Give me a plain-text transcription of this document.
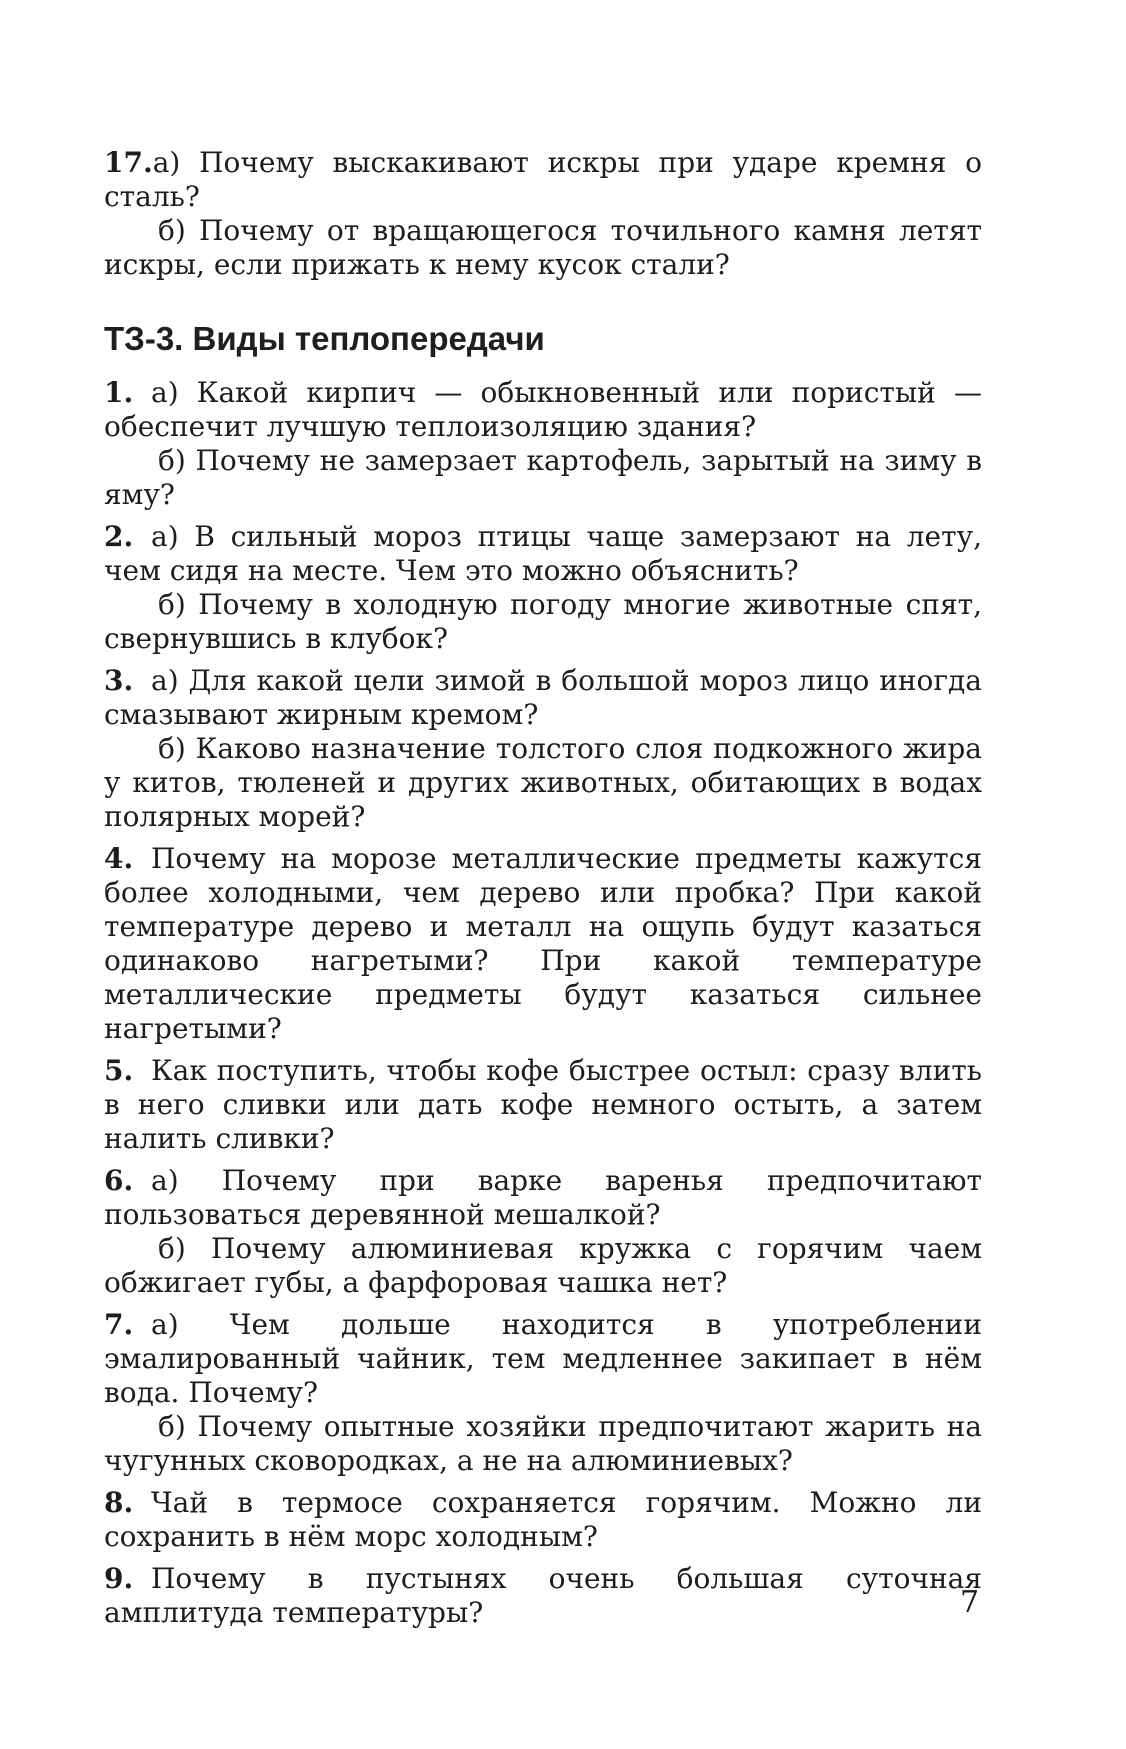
17.а) Почему выскакивают искры при ударе кремня о сталь?

б) Почему от вращающегося точильного камня летят искры, если прижать к нему кусок стали?

ТЗ-3. Виды теплопередачи

1. а) Какой кирпич — обыкновенный или пористый — обеспечит лучшую теплоизоляцию здания?

б) Почему не замерзает картофель, зарытый на зиму в яму?

2. а) В сильный мороз птицы чаще замерзают на лету, чем сидя на месте. Чем это можно объяснить?

б) Почему в холодную погоду многие животные спят, свернувшись в клубок?

3. а) Для какой цели зимой в большой мороз лицо иногда смазывают жирным кремом?

б) Каково назначение толстого слоя подкожного жира у китов, тюленей и других животных, обитающих в водах полярных морей?

4. Почему на морозе металлические предметы кажутся более холодными, чем дерево или пробка? При какой температуре дерево и металл на ощупь будут казаться одинаково нагретыми? При какой температуре металлические предметы будут казаться сильнее нагретыми?

5. Как поступить, чтобы кофе быстрее остыл: сразу влить в него сливки или дать кофе немного остыть, а затем налить сливки?

6. а) Почему при варке варенья предпочитают пользоваться деревянной мешалкой?

б) Почему алюминиевая кружка с горячим чаем обжигает губы, а фарфоровая чашка нет?

7. а) Чем дольше находится в употреблении эмалированный чайник, тем медленнее закипает в нём вода. Почему?

б) Почему опытные хозяйки предпочитают жарить на чугунных сковородках, а не на алюминиевых?

8. Чай в термосе сохраняется горячим. Можно ли сохранить в нём морс холодным?

9. Почему в пустынях очень большая суточная амплитуда температуры?	7
